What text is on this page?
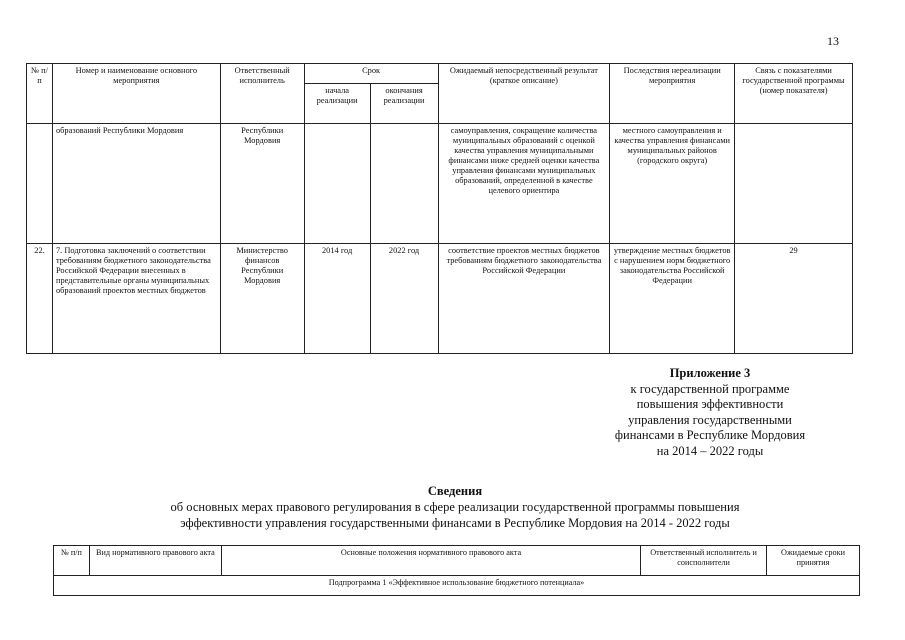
13
№ п/п	Номер и наименование основного мероприятия	Ответственный исполнитель	Срок		Ожидаемый непосредственный результат (краткое описание)	Последствия нереализации мероприятия	Связь с показателями государственной программы (номер показателя)
			начала реализации	окончания реализации			
	образований Республики Мордовия	Республики Мордовия			самоуправления, сокращение количества муниципальных образований с оценкой качества управления муниципальными финансами ниже средней оценки качества управления финансами муниципальных образований, определенной в качестве целевого ориентира	местного самоуправления и качества управления финансами муниципальных районов (городского округа)	
22.	7. Подготовка заключений о соответствии требованиям бюджетного законодательства Российской Федерации внесенных в представительные органы муниципальных образований проектов местных бюджетов	Министерство финансов Республики Мордовия	2014 год	2022 год	соответствие проектов местных бюджетов требованиям бюджетного законодательства Российской Федерации	утверждение местных бюджетов с нарушением норм бюджетного законодательства Российской Федерации	29
Приложение 3
к государственной программе
повышения эффективности
управления государственными
финансами в Республике Мордовия
на 2014 – 2022 годы
Сведения
об основных мерах правового регулирования в сфере реализации государственной программы повышения
эффективности управления государственными финансами в Республике Мордовия на 2014 - 2022 годы
№ п/п	Вид нормативного правового акта	Основные положения нормативного правового акта	Ответственный исполнитель и соисполнители	Ожидаемые сроки принятия
Подпрограмма 1 «Эффективное использование бюджетного потенциала»
